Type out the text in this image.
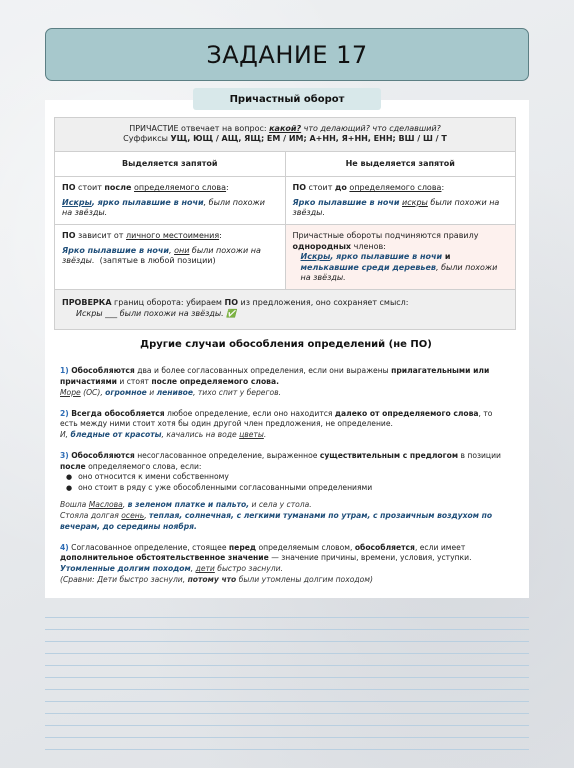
ЗАДАНИЕ 17
Причастный оборот
ПРИЧАСТИЕ отвечает на вопрос: какой? что делающий? что сделавший?
Суффиксы УЩ, ЮЩ / АЩ, ЯЩ; ЕМ / ИМ; А+НН, Я+НН, ЕНН; ВШ / Ш / Т
Выделяется запятой	Не выделяется запятой
ПО стоит после определяемого слова:
Искры, ярко пылавшие в ночи, были похожи на звёзды.
ПО стоит до определяемого слова:
Ярко пылавшие в ночи искры были похожи на звёзды.
ПО зависит от личного местоимения:
Ярко пылавшие в ночи, они были похожи на звёзды. (запятые в любой позиции)
Причастные обороты подчиняются правилу однородных членов:
Искры, ярко пылавшие в ночи и мелькавшие среди деревьев, были похожи на звёзды.
ПРОВЕРКА границ оборота: убираем ПО из предложения, оно сохраняет смысл:
Искры ___ были похожи на звёзды. ✅
Другие случаи обособления определений (не ПО)
1) Обособляются два и более согласованных определения, если они выражены прилагательными или причастиями и стоят после определяемого слова.
Море (ОС), огромное и ленивое, тихо спит у берегов.
2) Всегда обособляется любое определение, если оно находится далеко от определяемого слова, то есть между ними стоит хотя бы один другой член предложения, не определение.
И, бледные от красоты, качались на воде цветы.
3) Обособляются несогласованное определение, выраженное существительным с предлогом в позиции после определяемого слова, если:
● оно относится к имени собственному
● оно стоит в ряду с уже обособленными согласованными определениями
Вошла Маслова, в зеленом платке и пальто, и села у стола.
Стояла долгая осень, теплая, солнечная, с легкими туманами по утрам, с прозаичным воздухом по вечерам, до середины ноября.
4) Согласованное определение, стоящее перед определяемым словом, обособляется, если имеет дополнительное обстоятельственное значение — значение причины, времени, условия, уступки.
Утомленные долгим походом, дети быстро заснули.
(Сравни: Дети быстро заснули, потому что были утомлены долгим походом)
